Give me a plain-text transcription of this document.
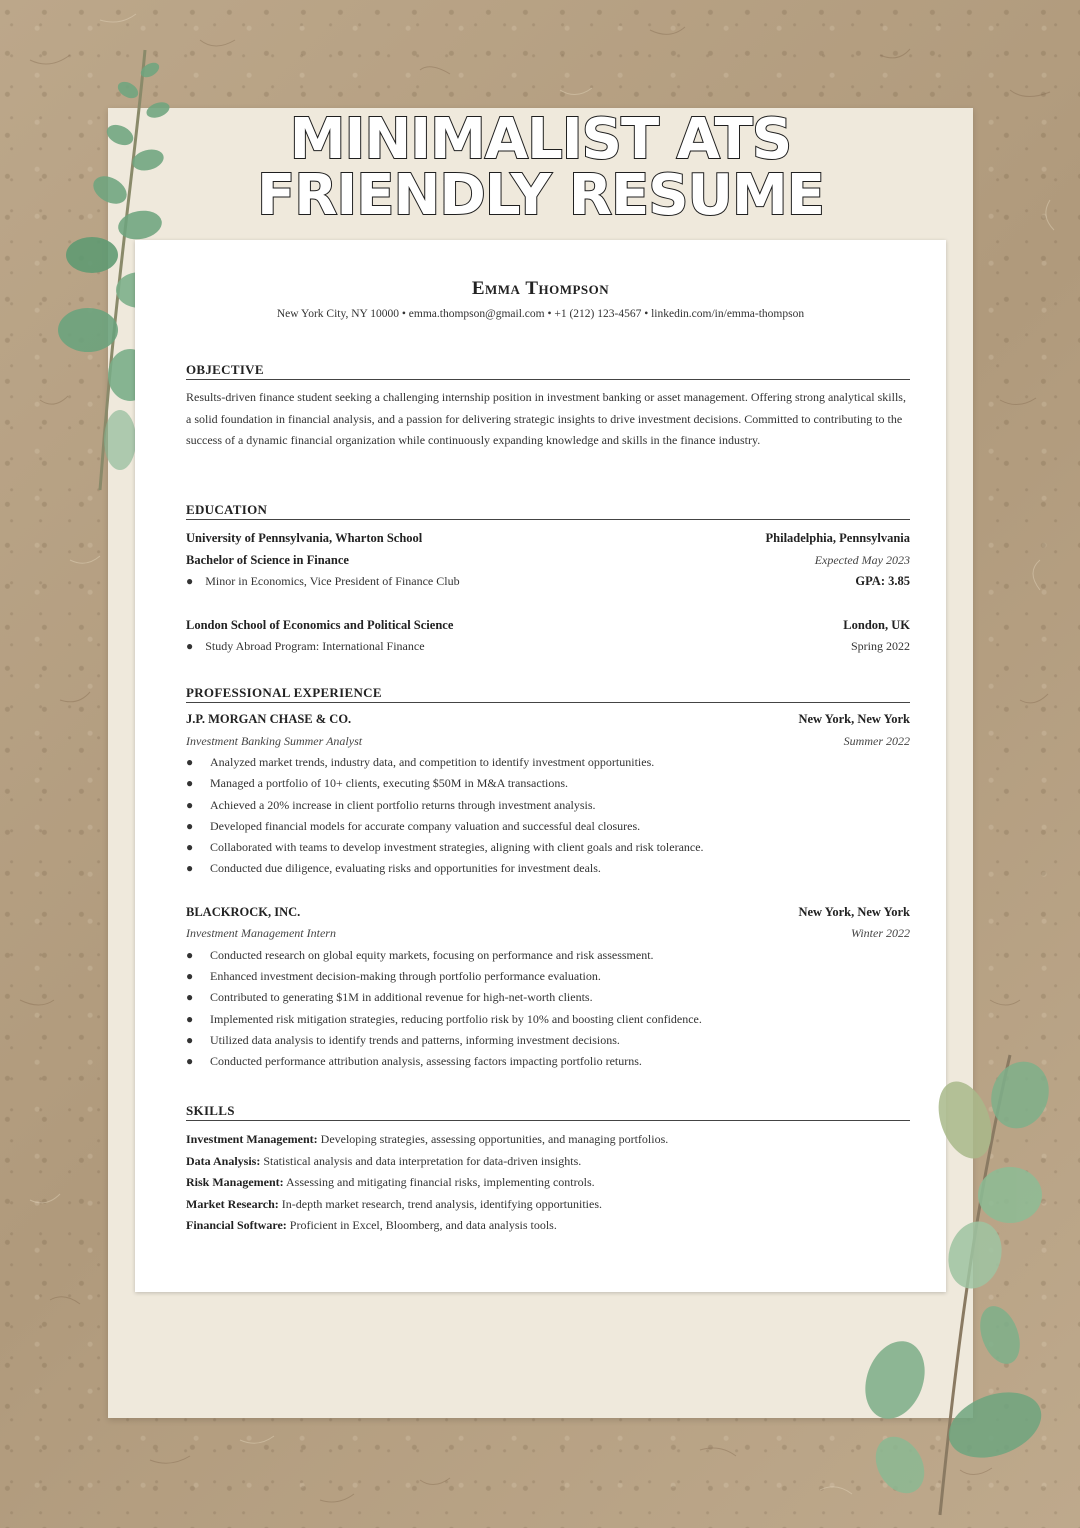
MINIMALIST ATS
FRIENDLY RESUME
Emma Thompson
New York City, NY 10000 • emma.thompson@gmail.com • +1 (212) 123-4567 • linkedin.com/in/emma-thompson
OBJECTIVE
Results-driven finance student seeking a challenging internship position in investment banking or asset management. Offering strong analytical skills, a solid foundation in financial analysis, and a passion for delivering strategic insights to drive investment decisions. Committed to contributing to the success of a dynamic financial organization while continuously expanding knowledge and skills in the finance industry.
EDUCATION
University of Pennsylvania, Wharton School	Philadelphia, Pennsylvania
Bachelor of Science in Finance	Expected May 2023
●    Minor in Economics, Vice President of Finance Club	GPA: 3.85
London School of Economics and Political Science	London, UK
●    Study Abroad Program: International Finance	Spring 2022
PROFESSIONAL EXPERIENCE
J.P. MORGAN CHASE & CO.	New York, New York
Investment Banking Summer Analyst	Summer 2022
● Analyzed market trends, industry data, and competition to identify investment opportunities.
● Managed a portfolio of 10+ clients, executing $50M in M&A transactions.
● Achieved a 20% increase in client portfolio returns through investment analysis.
● Developed financial models for accurate company valuation and successful deal closures.
● Collaborated with teams to develop investment strategies, aligning with client goals and risk tolerance.
● Conducted due diligence, evaluating risks and opportunities for investment deals.
BLACKROCK, INC.	New York, New York
Investment Management Intern	Winter 2022
● Conducted research on global equity markets, focusing on performance and risk assessment.
● Enhanced investment decision-making through portfolio performance evaluation.
● Contributed to generating $1M in additional revenue for high-net-worth clients.
● Implemented risk mitigation strategies, reducing portfolio risk by 10% and boosting client confidence.
● Utilized data analysis to identify trends and patterns, informing investment decisions.
● Conducted performance attribution analysis, assessing factors impacting portfolio returns.
SKILLS
Investment Management: Developing strategies, assessing opportunities, and managing portfolios.
Data Analysis: Statistical analysis and data interpretation for data-driven insights.
Risk Management: Assessing and mitigating financial risks, implementing controls.
Market Research: In-depth market research, trend analysis, identifying opportunities.
Financial Software: Proficient in Excel, Bloomberg, and data analysis tools.
